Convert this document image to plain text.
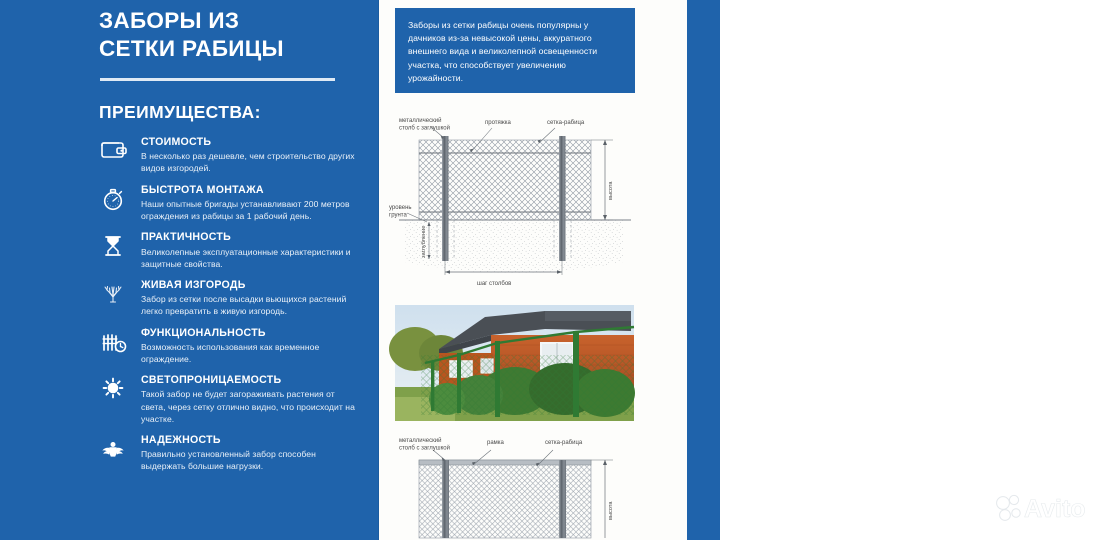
ЗАБОРЫ ИЗ
СЕТКИ РАБИЦЫ
ПРЕИМУЩЕСТВА:
СТОИМОСТЬ
В несколько раз дешевле, чем строительство других видов изгородей.
БЫСТРОТА МОНТАЖА
Наши опытные бригады устанавливают 200 метров ограждения из рабицы за 1 рабочий день.
ПРАКТИЧНОСТЬ
Великолепные эксплуатационные характеристики и защитные свойства.
ЖИВАЯ ИЗГОРОДЬ
Забор из сетки после высадки вьющихся растений легко превратить в живую изгородь.
ФУНКЦИОНАЛЬНОСТЬ
Возможность использования как временное ограждение.
СВЕТОПРОНИЦАЕМОСТЬ
Такой забор не будет загораживать растения от света, через сетку отлично видно, что происходит на участке.
НАДЕЖНОСТЬ
Правильно установленный забор способен выдержать большие нагрузки.
Заборы из сетки рабицы очень популярны у дачников из-за невысокой цены, аккуратного внешнего вида и великолепной освещенности участка, что способствует увеличению урожайности.
металлический
столб с заглушкой
протяжка	сетка-рабица
уровень
грунта
заглубление
высота
шаг столбов
металлический
столб с заглушкой
рамка	сетка-рабица
высота	Avito
